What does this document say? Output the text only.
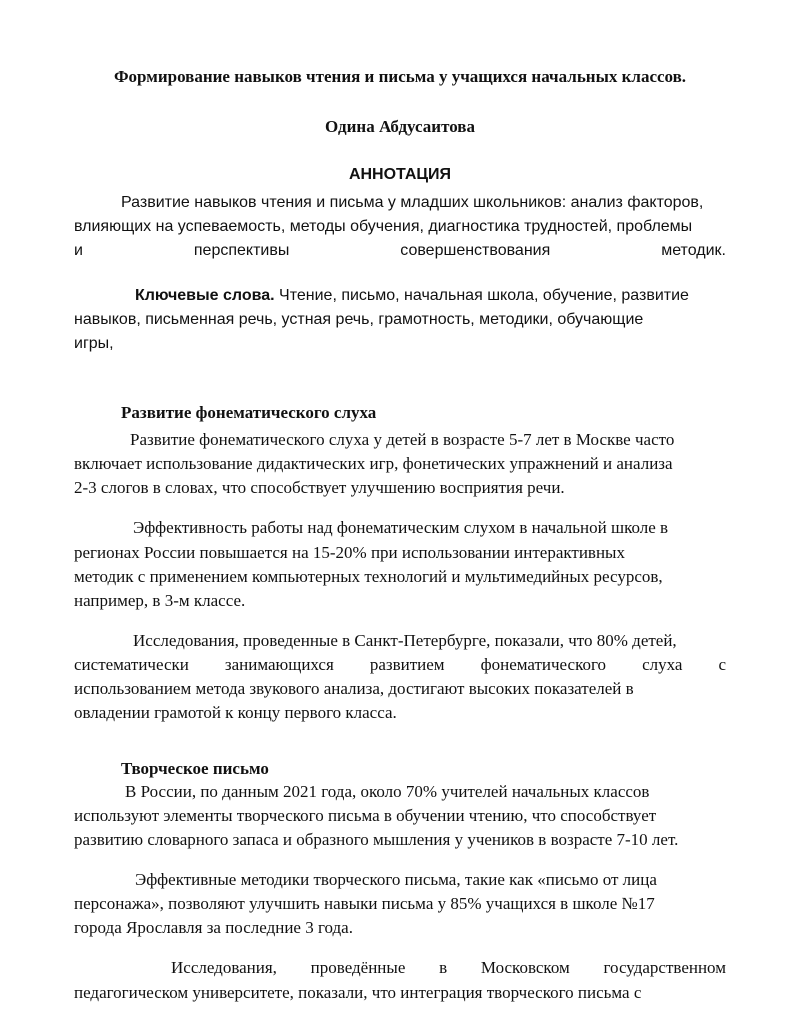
Формирование навыков чтения и письма у учащихся начальных классов.
Одина Абдусаитова
АННОТАЦИЯ

Развитие навыков чтения и письма у младших школьников: анализ факторов,

влияющих на успеваемость, методы обучения, диагностика трудностей, проблемы

и	перспективы	совершенствования	методик.

Ключевые слова. Чтение, письмо, начальная школа, обучение, развитие

навыков, письменная речь, устная речь, грамотность, методики, обучающие

игры,

Развитие фонематического слуха

Развитие фонематического слуха у детей в возрасте 5-7 лет в Москве часто

включает использование дидактических игр, фонетических упражнений и анализа

2-3 слогов в словах, что способствует улучшению восприятия речи.

Эффективность работы над фонематическим слухом в начальной школе в

регионах России повышается на 15-20% при использовании интерактивных

методик с применением компьютерных технологий и мультимедийных ресурсов,

например, в 3-м классе.

Исследования, проведенные в Санкт-Петербурге, показали, что 80% детей,

систематически занимающихся развитием фонематического слуха с

использованием метода звукового анализа, достигают высоких показателей в

овладении грамотой к концу первого класса.

Творческое письмо

В России, по данным 2021 года, около 70% учителей начальных классов

используют элементы творческого письма в обучении чтению, что способствует

развитию словарного запаса и образного мышления у учеников в возрасте 7-10 лет.

Эффективные методики творческого письма, такие как «письмо от лица

персонажа», позволяют улучшить навыки письма у 85% учащихся в школе №17

города Ярославля за последние 3 года.

Исследования, проведённые в Московском государственном

педагогическом университете, показали, что интеграция творческого письма с
